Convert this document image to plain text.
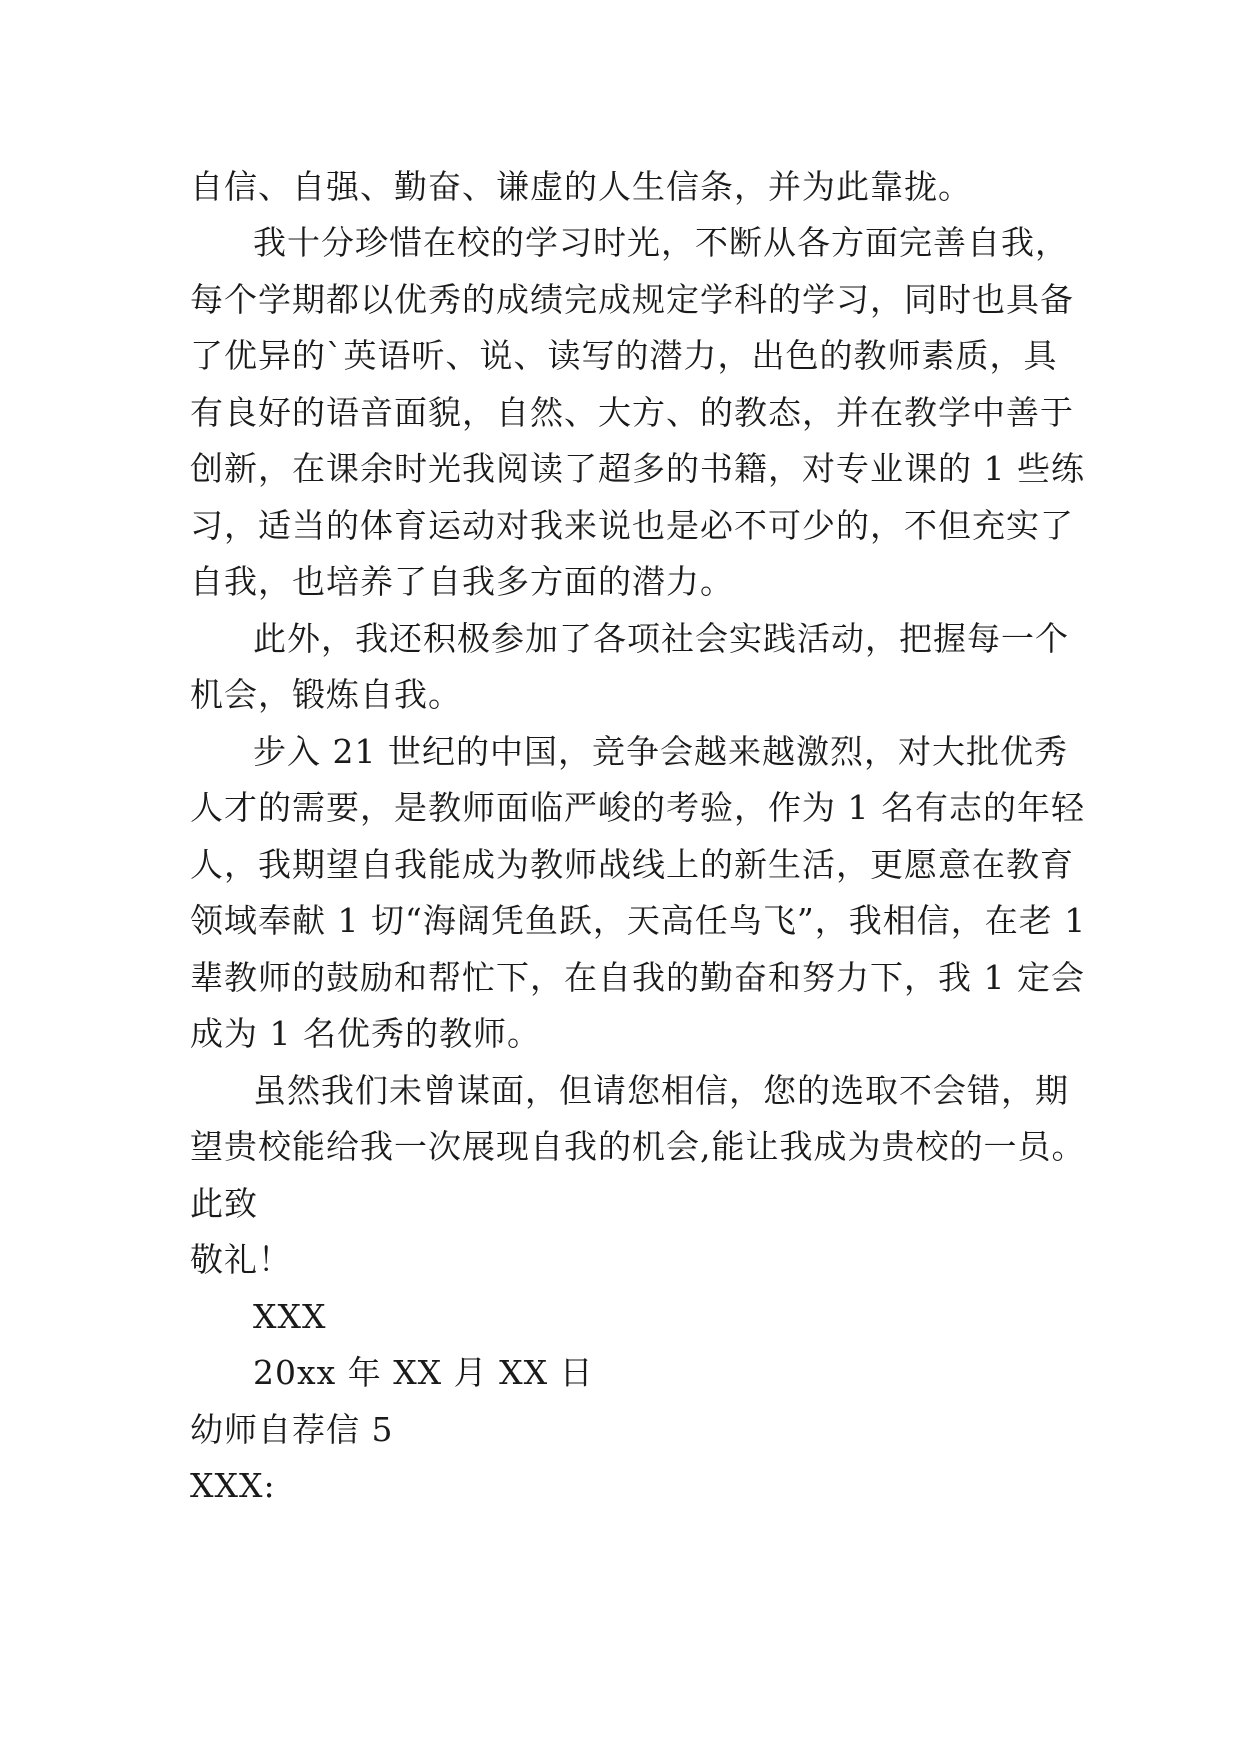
自信、自强、勤奋、谦虚的人生信条，并为此靠拢。
我十分珍惜在校的学习时光，不断从各方面完善自我，
每个学期都以优秀的成绩完成规定学科的学习，同时也具备
了优异的`英语听、说、读写的潜力，出色的教师素质，具
有良好的语音面貌，自然、大方、的教态，并在教学中善于
创新，在课余时光我阅读了超多的书籍，对专业课的 1 些练
习，适当的体育运动对我来说也是必不可少的，不但充实了
自我，也培养了自我多方面的潜力。
此外，我还积极参加了各项社会实践活动，把握每一个
机会，锻炼自我。
步入 21 世纪的中国，竞争会越来越激烈，对大批优秀
人才的需要，是教师面临严峻的考验，作为 1 名有志的年轻
人，我期望自我能成为教师战线上的新生活，更愿意在教育
领域奉献 1 切“海阔凭鱼跃，天高任鸟飞”，我相信，在老 1
辈教师的鼓励和帮忙下，在自我的勤奋和努力下，我 1 定会
成为 1 名优秀的教师。
虽然我们未曾谋面，但请您相信，您的选取不会错，期
望贵校能给我一次展现自我的机会,能让我成为贵校的一员。
此致
敬礼！
XXX
20xx 年 XX 月 XX 日
幼师自荐信 5
XXX:
